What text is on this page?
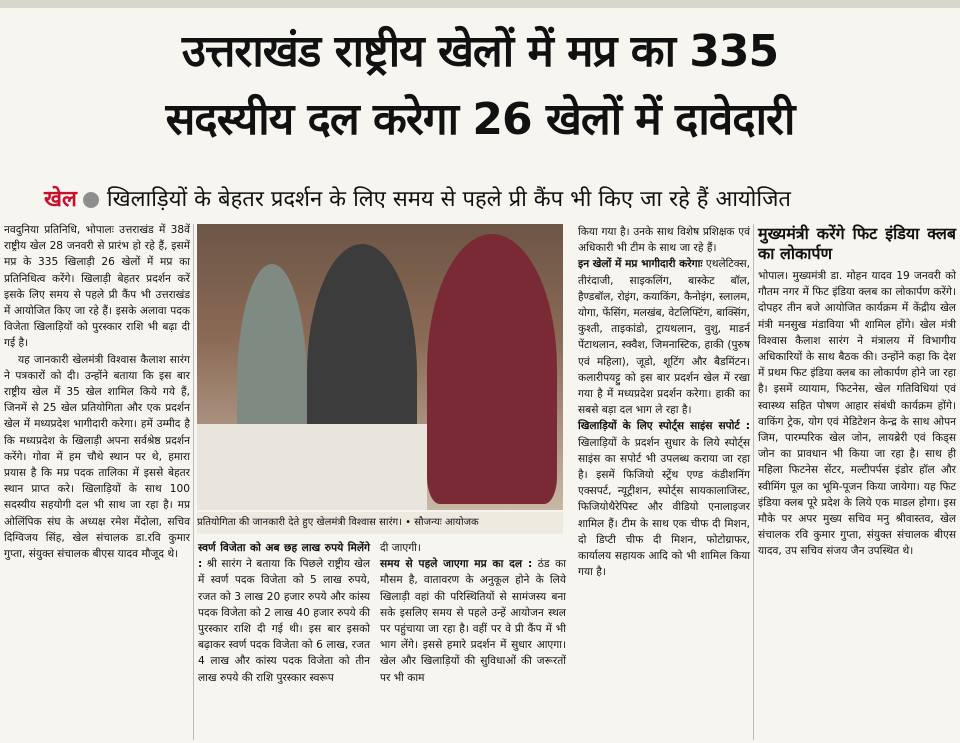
उत्तराखंड राष्ट्रीय खेलों में मप्र का 335
सदस्यीय दल करेगा 26 खेलों में दावेदारी
खेल खिलाड़ियों के बेहतर प्रदर्शन के लिए समय से पहले प्री कैंप भी किए जा रहे हैं आयोजित

नवदुनिया प्रतिनिधि, भोपालः उत्तराखंड में 38वें राष्ट्रीय खेल 28 जनवरी से प्रारंभ हो रहे हैं, इसमें मप्र के 335 खिलाड़ी 26 खेलों में मप्र का प्रतिनिधित्व करेंगे। खिलाड़ी बेहतर प्रदर्शन करें इसके लिए समय से पहले प्री कैंप भी उत्तराखंड में आयोजित किए जा रहे हैं। इसके अलावा पदक विजेता खिलाड़ियों को पुरस्कार राशि भी बढ़ा दी गई है।

यह जानकारी खेलमंत्री विश्वास कैलाश सारंग ने पत्रकारों को दी। उन्होंने बताया कि इस बार राष्ट्रीय खेल में 35 खेल शामिल किये गये हैं, जिनमें से 25 खेल प्रतियोगिता और एक प्रदर्शन खेल में मध्यप्रदेश भागीदारी करेगा। हमें उम्मीद है कि मध्यप्रदेश के खिलाड़ी अपना सर्वश्रेष्ठ प्रदर्शन करेंगे। गोवा में हम चौथे स्थान पर थे, हमारा प्रयास है कि मप्र पदक तालिका में इससे बेहतर स्थान प्राप्त करे। खिलाड़ियों के साथ 100 सदस्यीय सहयोगी दल भी साथ जा रहा है। मप्र ओलिंपिक संघ के अध्यक्ष रमेश मेंदोला, सचिव दिग्विजय सिंह, खेल संचालक डा.रवि कुमार गुप्ता, संयुक्त संचालक बीएस यादव मौजूद थे।

प्रतियोगिता की जानकारी देते हुए खेलमंत्री विश्वास सारंग। • सौजन्यः आयोजक

स्वर्ण विजेता को अब छह लाख रुपये मिलेंगे : श्री सारंग ने बताया कि पिछले राष्ट्रीय खेल में स्वर्ण पदक विजेता को 5 लाख रुपये, रजत को 3 लाख 20 हजार रुपये और कांस्य पदक विजेता को 2 लाख 40 हजार रुपये की पुरस्कार राशि दी गई थी। इस बार इसको बढ़ाकर स्वर्ण पदक विजेता को 6 लाख, रजत 4 लाख और कांस्य पदक विजेता को तीन लाख रुपये की राशि पुरस्कार स्वरूप

दी जाएगी।

समय से पहले जाएगा मप्र का दल : ठंड का मौसम है, वातावरण के अनुकूल होने के लिये खिलाड़ी वहां की परिस्थितियों से सामंजस्य बना सके इसलिए समय से पहले उन्हें आयोजन स्थल पर पहुंचाया जा रहा है। वहीं पर वे प्री कैंप में भी भाग लेंगे। इससे हमारे प्रदर्शन में सुधार आएगा। खेल और खिलाड़ियों की सुविधाओं की जरूरतों पर भी काम

किया गया है। उनके साथ विशेष प्रशिक्षक एवं अधिकारी भी टीम के साथ जा रहे हैं।

इन खेलों में मप्र भागीदारी करेगाः एथलेटिक्स, तीरंदाजी, साइकलिंग, बास्केट बॉल, हैण्डबॉल, रोइंग, कयाकिंग, कैनोइंग, स्लालम, योगा, फेंसिंग, मलखंब, वेटलिफ्टिंग, बाक्सिंग, कुश्ती, ताइकांडो, ट्रायथलान, वुशु, माडर्न पेंटाथलान, स्क्वैश, जिमनास्टिक, हाकी (पुरुष एवं महिला), जूडो, शूटिंग और बैडमिंटन। कलारीपयट्टु को इस बार प्रदर्शन खेल में रखा गया है में मध्यप्रदेश प्रदर्शन करेगा। हाकी का सबसे बड़ा दल भाग ले रहा है।

खिलाड़ियों के लिए स्पोर्ट्स साइंस सपोर्ट : खिलाड़ियों के प्रदर्शन सुधार के लिये स्पोर्ट्स साइंस का सपोर्ट भी उपलब्ध कराया जा रहा है। इसमें फिजियो स्ट्रेंथ एण्ड कंडीशनिंग एक्सपर्ट, न्यूट्रीशन, स्पोर्ट्स सायकालाजिस्ट, फिजियोथैरेपिस्ट और वीडियो एनालाइजर शामिल हैं। टीम के साथ एक चीफ दी मिशन, दो डिप्टी चीफ दी मिशन, फोटोग्राफर, कार्यालय सहायक आदि को भी शामिल किया गया है।

मुख्यमंत्री करेंगे फिट इंडिया क्लब का लोकार्पण

भोपाल। मुख्यमंत्री डा. मोहन यादव 19 जनवरी को गौतम नगर में फिट इंडिया क्लब का लोकार्पण करेंगे। दोपहर तीन बजे आयोजित कार्यक्रम में केंद्रीय खेल मंत्री मनसुख मंडाविया भी शामिल होंगे। खेल मंत्री विश्वास कैलाश सारंग ने मंत्रालय में विभागीय अधिकारियों के साथ बैठक की। उन्होंने कहा कि देश में प्रथम फिट इंडिया क्लब का लोकार्पण होने जा रहा है। इसमें व्यायाम, फिटनेस, खेल गतिविधियां एवं स्वास्थ्य सहित पोषण आहार संबंधी कार्यक्रम होंगे। वाकिंग ट्रेक, योग एवं मेडिटेशन केन्द्र के साथ ओपन जिम, पारम्परिक खेल जोन, लायब्रेरी एवं किड्स जोन का प्रावधान भी किया जा रहा है। साथ ही महिला फिटनेस सेंटर, मल्टीपर्पस इंडोर हॉल और स्वीमिंग पूल का भूमि-पूजन किया जायेगा। यह फिट इंडिया क्लब पूरे प्रदेश के लिये एक माडल होगा। इस मौके पर अपर मुख्य सचिव मनु श्रीवास्तव, खेल संचालक रवि कुमार गुप्ता, संयुक्त संचालक बीएस यादव, उप सचिव संजय जैन उपस्थित थे।
